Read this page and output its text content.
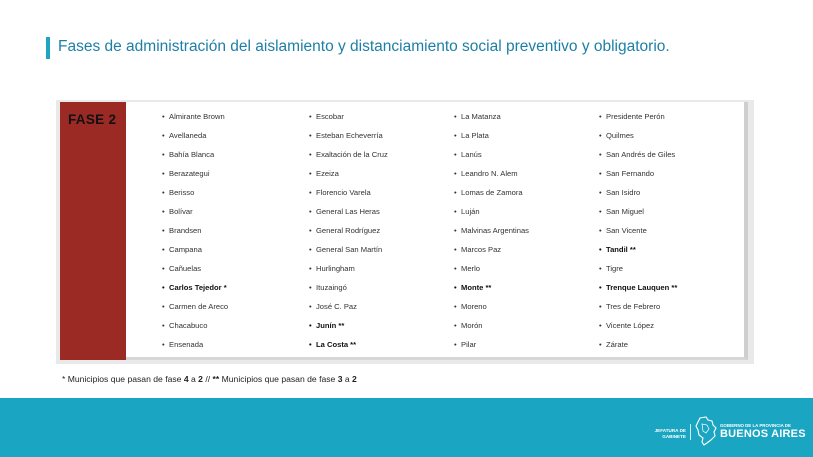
Fases de administración del aislamiento y distanciamiento social preventivo y obligatorio.
FASE 2	• Almirante Brown
• Avellaneda
• Bahía Blanca
• Berazategui
• Berisso
• Bolívar
• Brandsen
• Campana
• Cañuelas
• Carlos Tejedor *
• Carmen de Areco
• Chacabuco
• Ensenada
• Escobar
• Esteban Echeverría
• Exaltación de la Cruz
• Ezeiza
• Florencio Varela
• General Las Heras
• General Rodríguez
• General San Martín
• Hurlingham
• Ituzaingó
• José C. Paz
• Junín **
• La Costa **
• La Matanza
• La Plata
• Lanús
• Leandro N. Alem
• Lomas de Zamora
• Luján
• Malvinas Argentinas
• Marcos Paz
• Merlo
• Monte **
• Moreno
• Morón
• Pilar
• Presidente Perón
• Quilmes
• San Andrés de Giles
• San Fernando
• San Isidro
• San Miguel
• San Vicente
• Tandil **
• Tigre
• Trenque Lauquen **
• Tres de Febrero
• Vicente López
• Zárate
* Municipios que pasan de fase 4 a 2 // ** Municipios que pasan de fase 3 a 2
JEFATURA DE
GABINETE
GOBIERNO DE LA PROVINCIA DE
BUENOS AIRES
